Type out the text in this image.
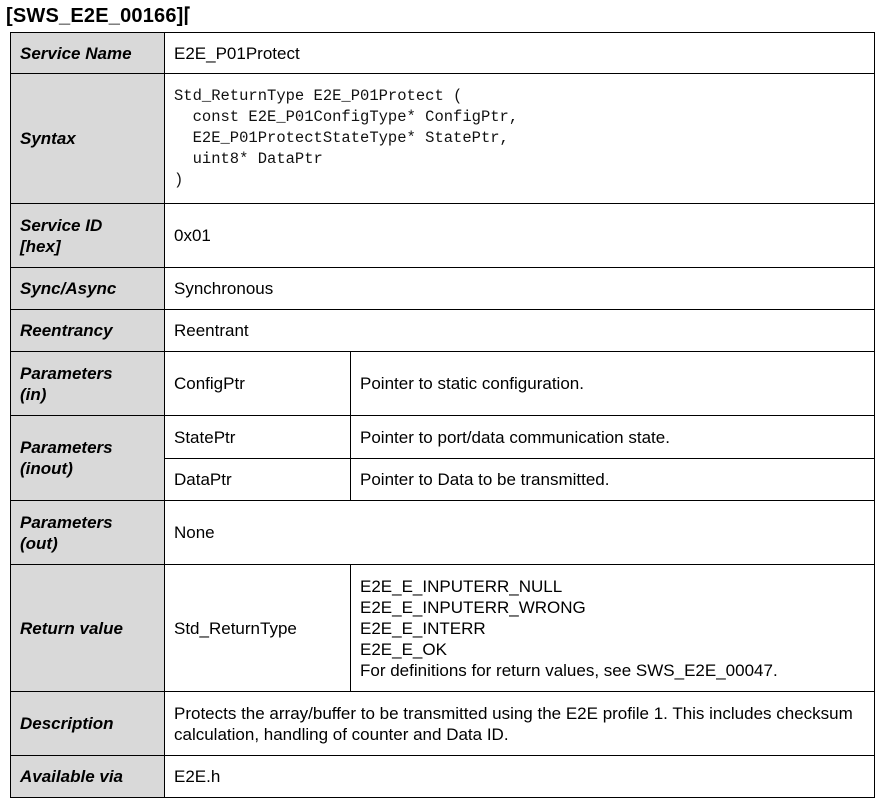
[SWS_E2E_00166]⌈
Service Name	E2E_P01Protect	
Syntax	Std_ReturnType E2E_P01Protect (
const E2E_P01ConfigType* ConfigPtr,
E2E_P01ProtectStateType* StatePtr,
uint8* DataPtr
)	

Service ID
[hex]	0x01	
Sync/Async	Synchronous	
Reentrancy	Reentrant	

Parameters
(in)	ConfigPtr	Pointer to static configuration.

Parameters
(inout)	StatePtr	Pointer to port/data communication state.
	DataPtr	Pointer to Data to be transmitted.

Parameters
(out)	None	
Return value	Std_ReturnType	E2E_E_INPUTERR_NULL
E2E_E_INPUTERR_WRONG
E2E_E_INTERR
E2E_E_OK
For definitions for return values, see SWS_E2E_00047.

Description	Protects the array/buffer to be transmitted using the E2E profile 1. This includes checksum calculation, handling of counter and Data ID.	
Available via	E2E.h	
